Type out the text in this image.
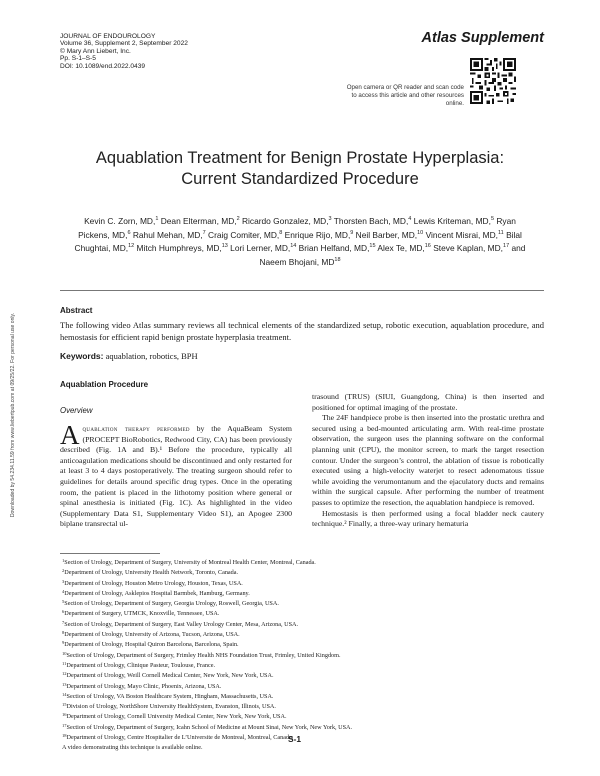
JOURNAL OF ENDOUROLOGY
Volume 36, Supplement 2, September 2022
© Mary Ann Liebert, Inc.
Pp. S-1–S-5
DOI: 10.1089/end.2022.0439
Atlas Supplement
Open camera or QR reader and scan code to access this article and other resources online.
Downloaded by 54.234.11.59 from www.liebertpub.com at 09/25/22. For personal use only.
Aquablation Treatment for Benign Prostate Hyperplasia:
Current Standardized Procedure
Kevin C. Zorn, MD,$^1$ Dean Elterman, MD,$^2$ Ricardo Gonzalez, MD,$^3$ Thorsten Bach, MD,$^4$ Lewis Kriteman, MD,$^5$ Ryan Pickens, MD,$^6$ Rahul Mehan, MD,$^7$ Craig Comiter, MD,$^8$ Enrique Rijo, MD,$^9$ Neil Barber, MD,$^{10}$ Vincent Misrai, MD,$^{11}$ Bilal Chughtai, MD,$^{12}$ Mitch Humphreys, MD,$^{13}$ Lori Lerner, MD,$^{14}$ Brian Helfand, MD,$^{15}$ Alex Te, MD,$^{16}$ Steve Kaplan, MD,$^{17}$ and Naeem Bhojani, MD$^{18}$
Abstract
The following video Atlas summary reviews all technical elements of the standardized setup, robotic execution, aquablation procedure, and hemostasis for efficient rapid benign prostate hyperplasia treatment.
Keywords: aquablation, robotics, BPH
Aquablation Procedure
Overview
Aquablation therapy performed by the AquaBeam System (PROCEPT BioRobotics, Redwood City, CA) has been previously described (Fig. 1A and B).¹ Before the procedure, typically all anticoagulation medications should be discontinued and only restarted for at least 3 to 4 days postoperatively. The treating surgeon should refer to guidelines for details around specific drug types. Once in the operating room, the patient is placed in the lithotomy position where general or spinal anesthesia is initiated (Fig. 1C). As highlighted in the video (Supplementary Data S1, Supplementary Video S1), an Apogee 2300 biplane transrectal ul-

trasound (TRUS) (SIUI, Guangdong, China) is then inserted and positioned for optimal imaging of the prostate.

The 24F handpiece probe is then inserted into the prostatic urethra and secured using a bed-mounted articulating arm. With real-time prostate observation, the surgeon uses the planning software on the conformal planning unit (CPU), the monitor screen, to mark the target resection contour. Under the surgeon’s control, the ablation of tissue is robotically executed using a high-velocity waterjet to resect adenomatous tissue while avoiding the verumontanum and the ejaculatory ducts and remains within the surgical capsule. After performing the number of treatment passes to optimize the resection, the aquablation handpiece is removed.

Hemostasis is then performed using a focal bladder neck cautery technique.² Finally, a three-way urinary hematuria

$^1$Section of Urology, Department of Surgery, University of Montreal Health Center, Montreal, Canada.
$^2$Department of Urology, University Health Network, Toronto, Canada.
$^3$Department of Urology, Houston Metro Urology, Houston, Texas, USA.
$^4$Department of Urology, Asklepios Hospital Barmbek, Hamburg, Germany.
$^5$Section of Urology, Department of Surgery, Georgia Urology, Roswell, Georgia, USA.
$^6$Department of Surgery, UTMCK, Knoxville, Tennessee, USA.
$^7$Section of Urology, Department of Surgery, East Valley Urology Center, Mesa, Arizona, USA.
$^8$Department of Urology, University of Arizona, Tucson, Arizona, USA.
$^9$Department of Urology, Hospital Quiron Barcelona, Barcelona, Spain.
$^{10}$Section of Urology, Department of Surgery, Frimley Health NHS Foundation Trust, Frimley, United Kingdom.
$^{11}$Department of Urology, Clinique Pasteur, Toulouse, France.
$^{12}$Department of Urology, Weill Cornell Medical Center, New York, New York, USA.
$^{13}$Department of Urology, Mayo Clinic, Phoenix, Arizona, USA.
$^{14}$Section of Urology, VA Boston Healthcare System, Hingham, Massachusetts, USA.
$^{15}$Division of Urology, NorthShore University HealthSystem, Evanston, Illinois, USA.
$^{16}$Department of Urology, Cornell University Medical Center, New York, New York, USA.
$^{17}$Section of Urology, Department of Surgery, Icahn School of Medicine at Mount Sinai, New York, New York, USA.
$^{18}$Department of Urology, Centre Hospitalier de L’Universite de Montreal, Montreal, Canada.
A video demonstrating this technique is available online.
S-1
